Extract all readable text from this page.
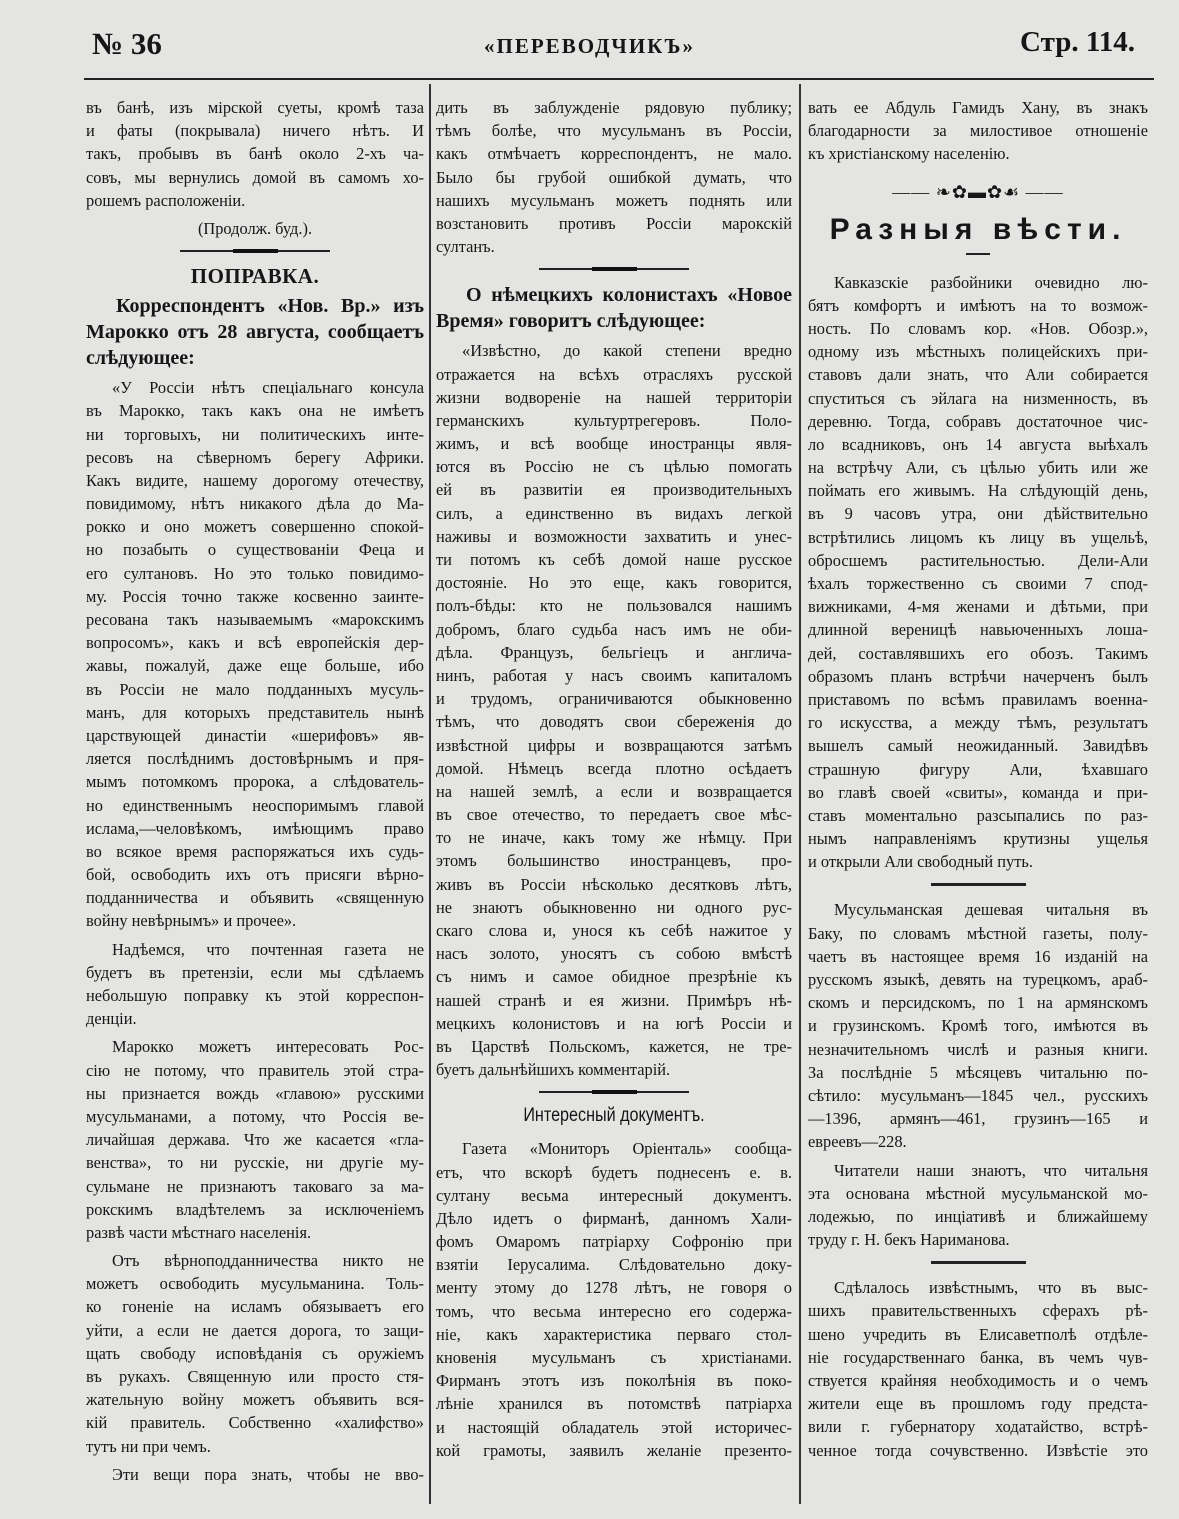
№ 36	«ПЕРЕВОДЧИКЪ»	Стр. 114.
въ банѣ, изъ мірской суеты, кромѣ таза
и фаты (покрывала) ничего нѣтъ. И
такъ, пробывъ въ банѣ около 2-хъ ча-
совъ, мы вернулись домой въ самомъ хо-
рошемъ расположеніи.
(Продолж. буд.).
ПОПРАВКА.
Корреспондентъ «Нов. Вр.» изъ
Марокко отъ 28 августа, сообщаетъ
слѣдующее:
«У Россіи нѣтъ спеціальнаго консула
въ Марокко, такъ какъ она не имѣетъ
ни торговыхъ, ни политическихъ инте-
ресовъ на сѣверномъ берегу Африки.
Какъ видите, нашему дорогому отечеству,
повидимому, нѣтъ никакого дѣла до Ма-
рокко и оно можетъ совершенно спокой-
но позабыть о существованіи Феца и
его султановъ. Но это только повидимо-
му. Россія точно также косвенно заинте-
ресована такъ называемымъ «марокскимъ
вопросомъ», какъ и всѣ европейскія дер-
жавы, пожалуй, даже еще больше, ибо
въ Россіи не мало подданныхъ мусуль-
манъ, для которыхъ представитель нынѣ
царствующей династіи «шерифовъ» яв-
ляется послѣднимъ достовѣрнымъ и пря-
мымъ потомкомъ пророка, а слѣдователь-
но единственнымъ неоспоримымъ главой
ислама,—человѣкомъ, имѣющимъ право
во всякое время распоряжаться ихъ судь-
бой, освободить ихъ отъ присяги вѣрно-
подданничества и объявить «священную
войну невѣрнымъ» и прочее».
Надѣемся, что почтенная газета не
будетъ въ претензіи, если мы сдѣлаемъ
небольшую поправку къ этой корреспон-
денціи.
Марокко можетъ интересовать Рос-
сію не потому, что правитель этой стра-
ны признается вождь «главою» русскими
мусульманами, а потому, что Россія ве-
личайшая держава. Что же касается «гла-
венства», то ни русскіе, ни другіе му-
сульмане не признаютъ таковаго за ма-
рокскимъ владѣтелемъ за исключеніемъ
развѣ части мѣстнаго населенія.
Отъ вѣрноподданничества никто не
можетъ освободить мусульманина. Толь-
ко гоненіе на исламъ обязываетъ его
уйти, а если не дается дорога, то защи-
щать свободу исповѣданія съ оружіемъ
въ рукахъ. Священную или просто стя-
жательную войну можетъ объявить вся-
кій правитель. Собственно «халифство»
тутъ ни при чемъ.
Эти вещи пора знать, чтобы не вво-
дить въ заблужденіе рядовую публику;
тѣмъ болѣе, что мусульманъ въ Россіи,
какъ отмѣчаетъ корреспондентъ, не мало.
Было бы грубой ошибкой думать, что
нашихъ мусульманъ можетъ поднять или
возстановить противъ Россіи марокскій
султанъ.
О нѣмецкихъ колонистахъ «Новое
Время» говоритъ слѣдующее:
«Извѣстно, до какой степени вредно
отражается на всѣхъ отрасляхъ русской
жизни водвореніе на нашей территоріи
германскихъ культуртрегеровъ. Поло-
жимъ, и всѣ вообще иностранцы явля-
ются въ Россію не съ цѣлью помогать
ей въ развитіи ея производительныхъ
силъ, а единственно въ видахъ легкой
наживы и возможности захватить и унес-
ти потомъ къ себѣ домой наше русское
достояніе. Но это еще, какъ говорится,
полъ-бѣды: кто не пользовался нашимъ
добромъ, благо судьба насъ имъ не оби-
дѣла. Французъ, бельгіецъ и англича-
нинъ, работая у насъ своимъ капиталомъ
и трудомъ, ограничиваются обыкновенно
тѣмъ, что доводятъ свои сбереженія до
извѣстной цифры и возвращаются затѣмъ
домой. Нѣмецъ всегда плотно осѣдаетъ
на нашей землѣ, а если и возвращается
въ свое отечество, то передаетъ свое мѣс-
то не иначе, какъ тому же нѣмцу. При
этомъ большинство иностранцевъ, про-
живъ въ Россіи нѣсколько десятковъ лѣтъ,
не знаютъ обыкновенно ни одного рус-
скаго слова и, унося къ себѣ нажитое у
насъ золото, уносятъ съ собою вмѣстѣ
съ нимъ и самое обидное презрѣніе къ
нашей странѣ и ея жизни. Примѣръ нѣ-
мецкихъ колонистовъ и на югѣ Россіи и
въ Царствѣ Польскомъ, кажется, не тре-
буетъ дальнѣйшихъ комментарій.
Интересный документъ.
Газета «Мониторъ Оріенталь» сообща-
етъ, что вскорѣ будетъ поднесенъ е. в.
султану весьма интересный документъ.
Дѣло идетъ о фирманѣ, данномъ Хали-
фомъ Омаромъ патріарху Софронію при
взятіи Іерусалима. Слѣдовательно доку-
менту этому до 1278 лѣтъ, не говоря о
томъ, что весьма интересно его содержа-
ніе, какъ характеристика перваго стол-
кновенія мусульманъ съ христіанами.
Фирманъ этотъ изъ поколѣнія въ поко-
лѣніе хранился въ потомствѣ патріарха
и настоящій обладатель этой историчес-
кой грамоты, заявилъ желаніе презенто-
вать ее Абдуль Гамидъ Хану, въ знакъ
благодарности за милостивое отношеніе
къ христіанскому населенію.
—— ❧✿▬✿☙ ——
Разныя вѣсти.
Кавказскіе разбойники очевидно лю-
бятъ комфортъ и имѣютъ на то возмож-
ность. По словамъ кор. «Нов. Обозр.»,
одному изъ мѣстныхъ полицейскихъ при-
ставовъ дали знать, что Али собирается
спуститься съ эйлага на низменность, въ
деревню. Тогда, собравъ достаточное чис-
ло всадниковъ, онъ 14 августа выѣхалъ
на встрѣчу Али, съ цѣлью убить или же
поймать его живымъ. На слѣдующій день,
въ 9 часовъ утра, они дѣйствительно
встрѣтились лицомъ къ лицу въ ущельѣ,
обросшемъ растительностью. Дели-Али
ѣхалъ торжественно съ своими 7 спод-
вижниками, 4-мя женами и дѣтьми, при
длинной вереницѣ навьюченныхъ лоша-
дей, составлявшихъ его обозъ. Такимъ
образомъ планъ встрѣчи начерченъ былъ
приставомъ по всѣмъ правиламъ военна-
го искусства, а между тѣмъ, результатъ
вышелъ самый неожиданный. Завидѣвъ
страшную фигуру Али, ѣхавшаго
во главѣ своей «свиты», команда и при-
ставъ моментально разсыпались по раз-
нымъ направленіямъ крутизны ущелья
и открыли Али свободный путь.
Мусульманская дешевая читальня въ
Баку, по словамъ мѣстной газеты, полу-
чаетъ въ настоящее время 16 изданій на
русскомъ языкѣ, девять на турецкомъ, араб-
скомъ и персидскомъ, по 1 на армянскомъ
и грузинскомъ. Кромѣ того, имѣются въ
незначительномъ числѣ и разныя книги.
За послѣдніе 5 мѣсяцевъ читальню по-
сѣтило: мусульманъ—1845 чел., русскихъ
—1396, армянъ—461, грузинъ—165 и
евреевъ—228.
Читатели наши знаютъ, что читальня
эта основана мѣстной мусульманской мо-
лодежью, по инціативѣ и ближайшему
труду г. Н. бекъ Нариманова.
Сдѣлалось извѣстнымъ, что въ выс-
шихъ правительственныхъ сферахъ рѣ-
шено учредить въ Елисаветполѣ отдѣле-
ніе государственнаго банка, въ чемъ чув-
ствуется крайняя необходимость и о чемъ
жители еще въ прошломъ году предста-
вили г. губернатору ходатайство, встрѣ-
ченное тогда сочувственно. Извѣстіе это
